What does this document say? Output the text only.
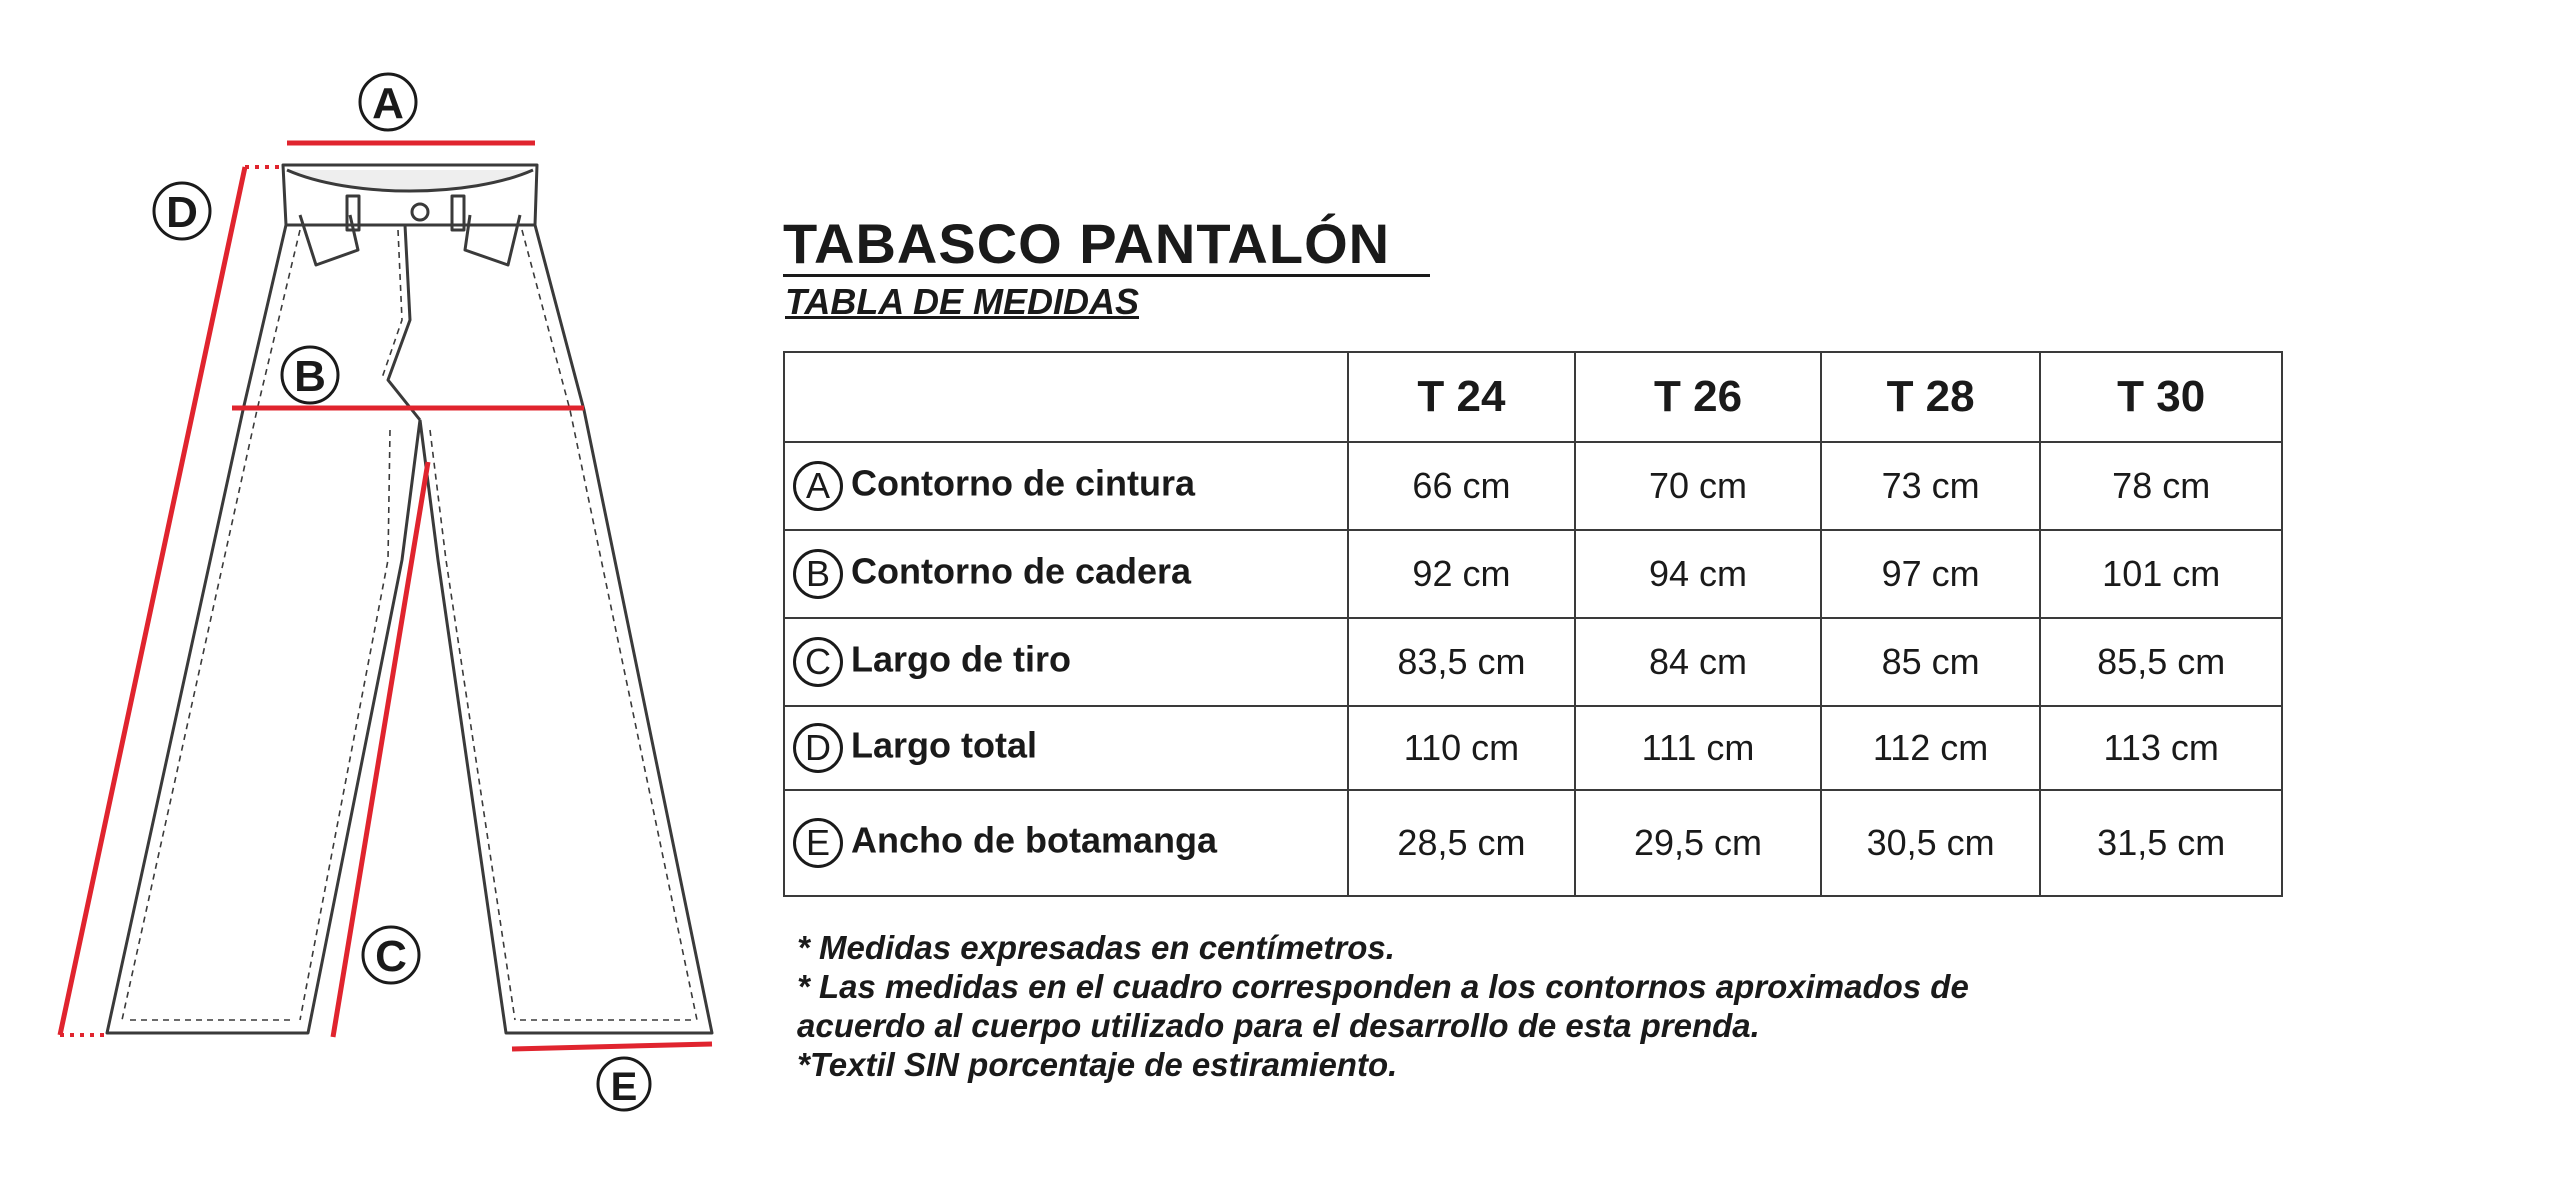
A
D
B
C
E
TABASCO PANTALÓN
TABLA DE MEDIDAS
	T 24	T 26	T 28	T 30
A Contorno de cintura	66 cm	70 cm	73 cm	78 cm
B Contorno de cadera	92 cm	94 cm	97 cm	101 cm
C Largo de tiro	83,5 cm	84 cm	85 cm	85,5 cm
D Largo total	110 cm	111 cm	112 cm	113 cm
E Ancho de botamanga	28,5 cm	29,5 cm	30,5 cm	31,5 cm

* Medidas expresadas en centímetros.

* Las medidas en el cuadro corresponden a los contornos aproximados de acuerdo al cuerpo utilizado para el desarrollo de esta prenda.

*Textil SIN porcentaje de estiramiento.
